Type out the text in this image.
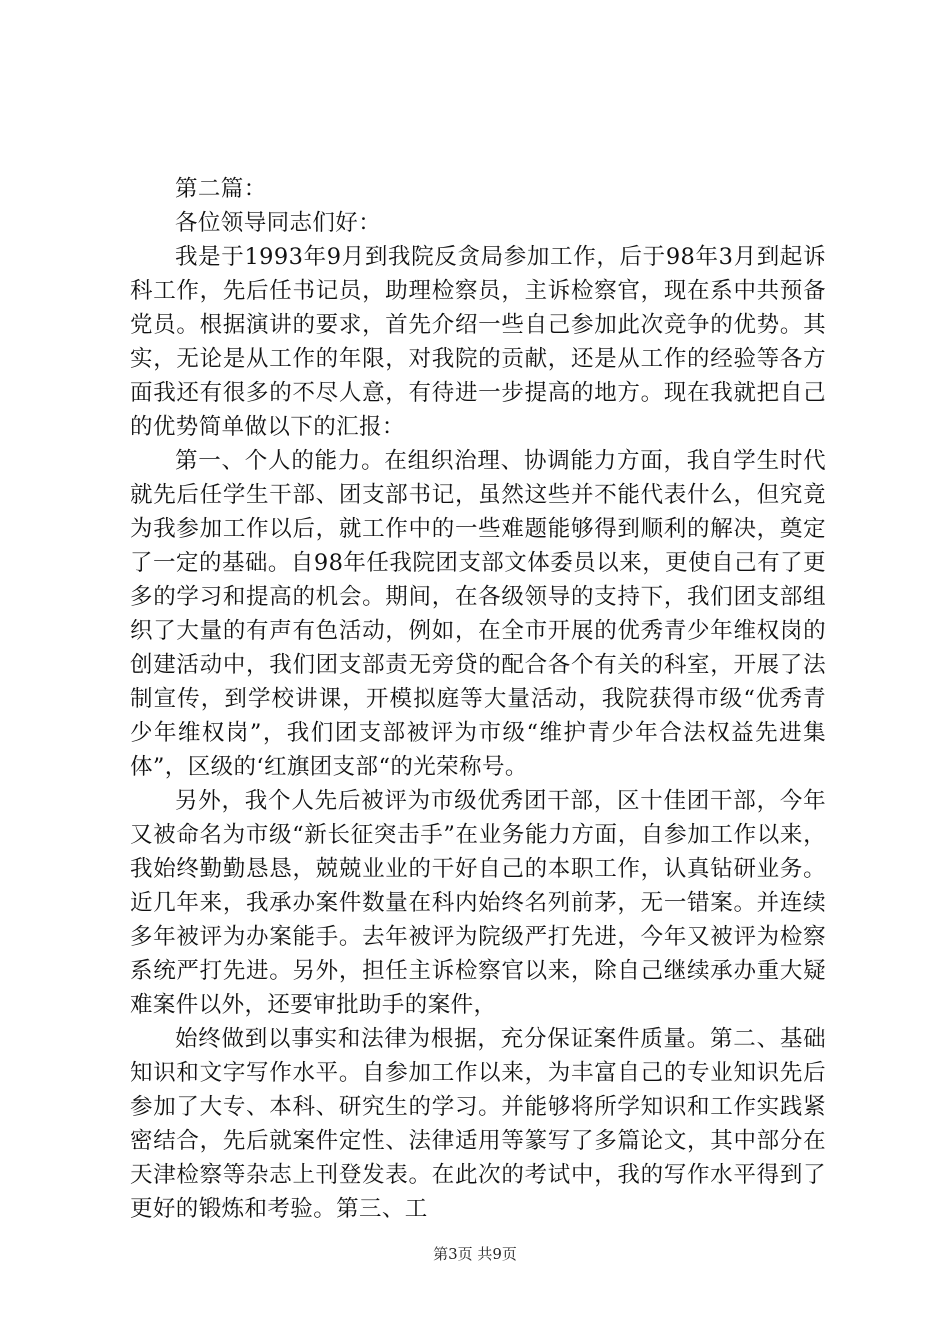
第二篇：

各位领导同志们好：

我是于1993年9月到我院反贪局参加工作，后于98年3月到起诉科工作，先后任书记员，助理检察员，主诉检察官，现在系中共预备党员。根据演讲的要求，首先介绍一些自己参加此次竞争的优势。其实，无论是从工作的年限，对我院的贡献，还是从工作的经验等各方面我还有很多的不尽人意，有待进一步提高的地方。现在我就把自己的优势简单做以下的汇报：

第一、个人的能力。在组织治理、协调能力方面，我自学生时代就先后任学生干部、团支部书记，虽然这些并不能代表什么，但究竟为我参加工作以后，就工作中的一些难题能够得到顺利的解决，奠定了一定的基础。自98年任我院团支部文体委员以来，更使自己有了更多的学习和提高的机会。期间，在各级领导的支持下，我们团支部组织了大量的有声有色活动，例如，在全市开展的优秀青少年维权岗的创建活动中，我们团支部责无旁贷的配合各个有关的科室，开展了法制宣传，到学校讲课，开模拟庭等大量活动，我院获得市级“优秀青少年维权岗”，我们团支部被评为市级“维护青少年合法权益先进集体”，区级的‘红旗团支部“的光荣称号。

另外，我个人先后被评为市级优秀团干部，区十佳团干部，今年又被命名为市级“新长征突击手”在业务能力方面，自参加工作以来，我始终勤勤恳恳，兢兢业业的干好自己的本职工作，认真钻研业务。近几年来，我承办案件数量在科内始终名列前茅，无一错案。并连续多年被评为办案能手。去年被评为院级严打先进，今年又被评为检察系统严打先进。另外，担任主诉检察官以来，除自己继续承办重大疑难案件以外，还要审批助手的案件，

始终做到以事实和法律为根据，充分保证案件质量。第二、基础知识和文字写作水平。自参加工作以来，为丰富自己的专业知识先后参加了大专、本科、研究生的学习。并能够将所学知识和工作实践紧密结合，先后就案件定性、法律适用等篆写了多篇论文，其中部分在天津检察等杂志上刊登发表。在此次的考试中，我的写作水平得到了更好的锻炼和考验。第三、工

第3页 共9页
